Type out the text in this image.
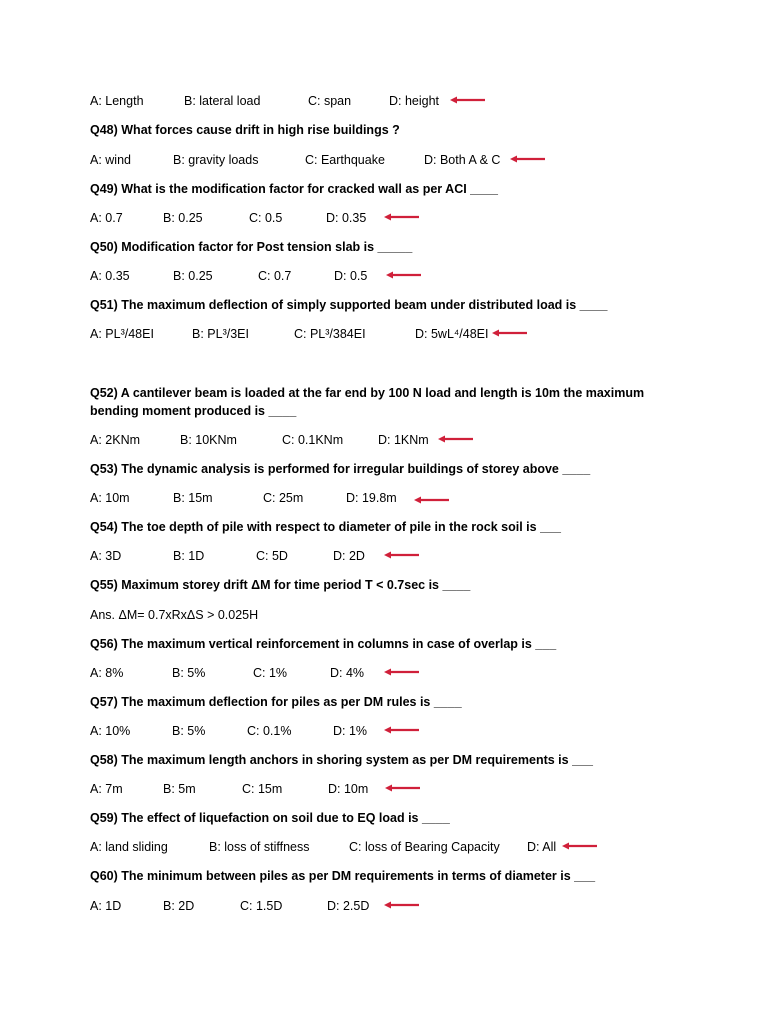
A: Length	B: lateral load	C: span	D: height
Q48) What forces cause drift in high rise buildings ?
A: wind	B: gravity loads	C: Earthquake	D: Both A & C
Q49) What is the modification factor for cracked wall as per ACI ____
A: 0.7	B: 0.25	C: 0.5	D: 0.35
Q50) Modification factor for Post tension slab is _____
A: 0.35	B: 0.25	C: 0.7	D: 0.5
Q51) The maximum deflection of simply supported beam under distributed load is ____
A: PL³/48EI	B: PL³/3EI	C: PL³/384EI	D: 5wL⁴/48EI
Q52) A cantilever beam is loaded at the far end by 100 N load and length is 10m the maximum
bending moment produced is ____
A: 2KNm	B: 10KNm	C: 0.1KNm	D: 1KNm
Q53) The dynamic analysis is performed for irregular buildings of storey above ____
A: 10m	B: 15m	C: 25m	D: 19.8m
Q54) The toe depth of pile with respect to diameter of pile in the rock soil is ___
A: 3D	B: 1D	C: 5D	D: 2D
Q55) Maximum storey drift ΔM for time period T < 0.7sec is ____
Ans. ΔM= 0.7xRxΔS > 0.025H
Q56) The maximum vertical reinforcement in columns in case of overlap is ___
A: 8%	B: 5%	C: 1%	D: 4%
Q57) The maximum deflection for piles as per DM rules is ____
A: 10%	B: 5%	C: 0.1%	D: 1%
Q58) The maximum length anchors in shoring system as per DM requirements is ___
A: 7m	B: 5m	C: 15m	D: 10m
Q59) The effect of liquefaction on soil due to EQ load is ____
A: land sliding	B: loss of stiffness	C: loss of Bearing Capacity D: All
Q60) The minimum between piles as per DM requirements in terms of diameter is ___
A: 1D	B: 2D	C: 1.5D	D: 2.5D
